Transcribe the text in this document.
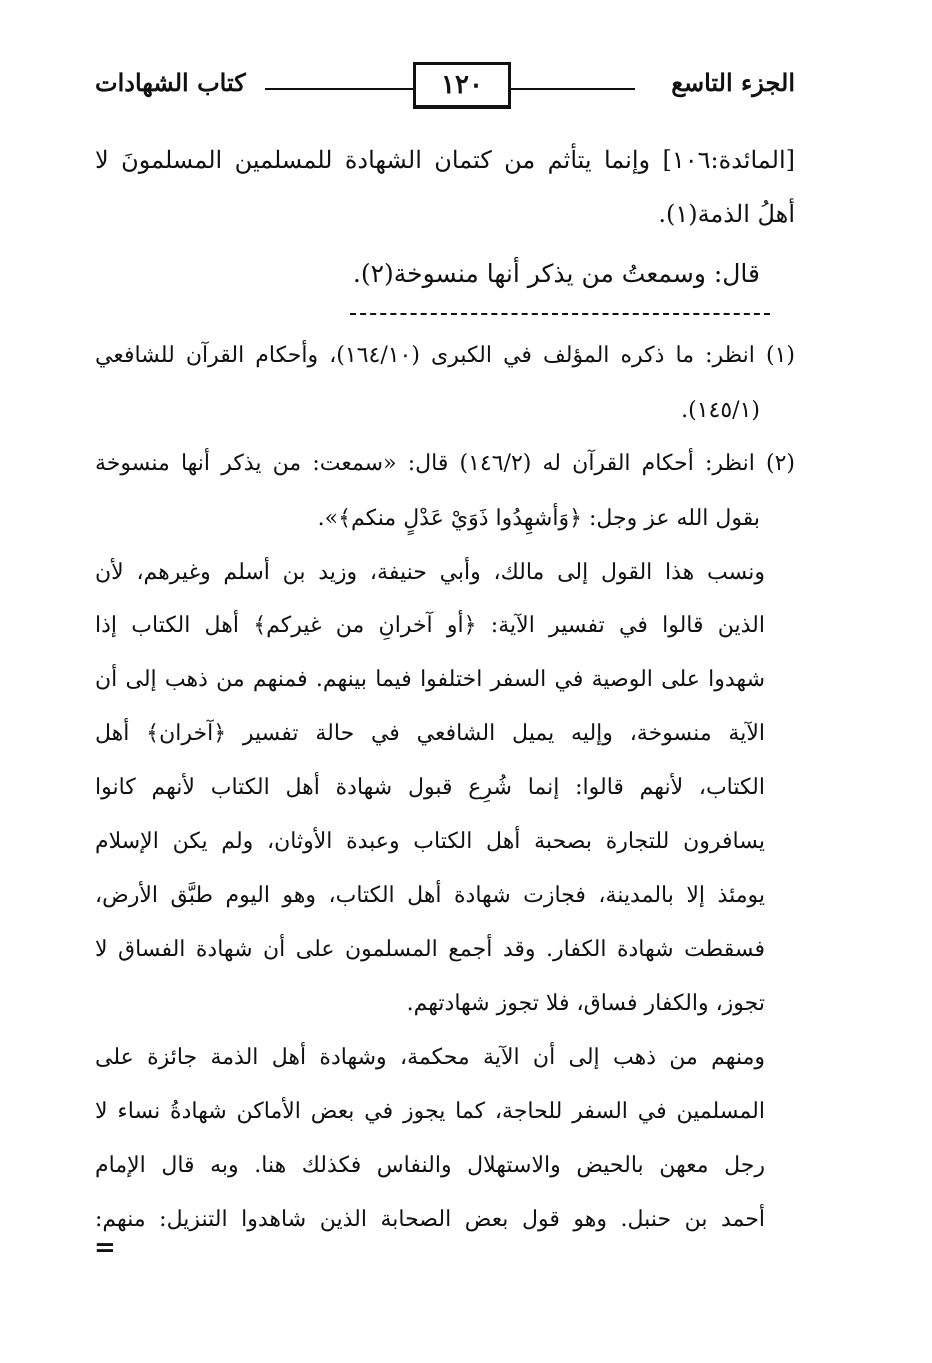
الجزء التاسع
كتاب الشهادات	١٢٠
[المائدة:١٠٦] وإنما يتأثم من كتمان الشهادة للمسلمين المسلمونَ لا
أهلُ الذمة(١).
قال: وسمعتُ من يذكر أنها منسوخة(٢).
(١) انظر: ما ذكره المؤلف في الكبرى (١٦٤/١٠)، وأحكام القرآن للشافعي
(١٤٥/١).
(٢) انظر: أحكام القرآن له (١٤٦/٢) قال: «سمعت: من يذكر أنها منسوخة
بقول الله عز وجل: ﴿وَأشهِدُوا ذَوَيْ عَدْلٍ منكم﴾».
ونسب هذا القول إلى مالك، وأبي حنيفة، وزيد بن أسلم وغيرهم، لأن
الذين قالوا في تفسير الآية: ﴿أو آخرانِ من غيركم﴾ أهل الكتاب إذا
شهدوا على الوصية في السفر اختلفوا فيما بينهم. فمنهم من ذهب إلى أن
الآية منسوخة، وإليه يميل الشافعي في حالة تفسير ﴿آخران﴾ أهل
الكتاب، لأنهم قالوا: إنما شُرِع قبول شهادة أهل الكتاب لأنهم كانوا
يسافرون للتجارة بصحبة أهل الكتاب وعبدة الأوثان، ولم يكن الإسلام
يومئذ إلا بالمدينة، فجازت شهادة أهل الكتاب، وهو اليوم طبَّق الأرض،
فسقطت شهادة الكفار. وقد أجمع المسلمون على أن شهادة الفساق لا
تجوز، والكفار فساق، فلا تجوز شهادتهم.
ومنهم من ذهب إلى أن الآية محكمة، وشهادة أهل الذمة جائزة على
المسلمين في السفر للحاجة، كما يجوز في بعض الأماكن شهادةُ نساء لا
رجل معهن بالحيض والاستهلال والنفاس فكذلك هنا. وبه قال الإمام
أحمد بن حنبل. وهو قول بعض الصحابة الذين شاهدوا التنزيل: منهم:
=
